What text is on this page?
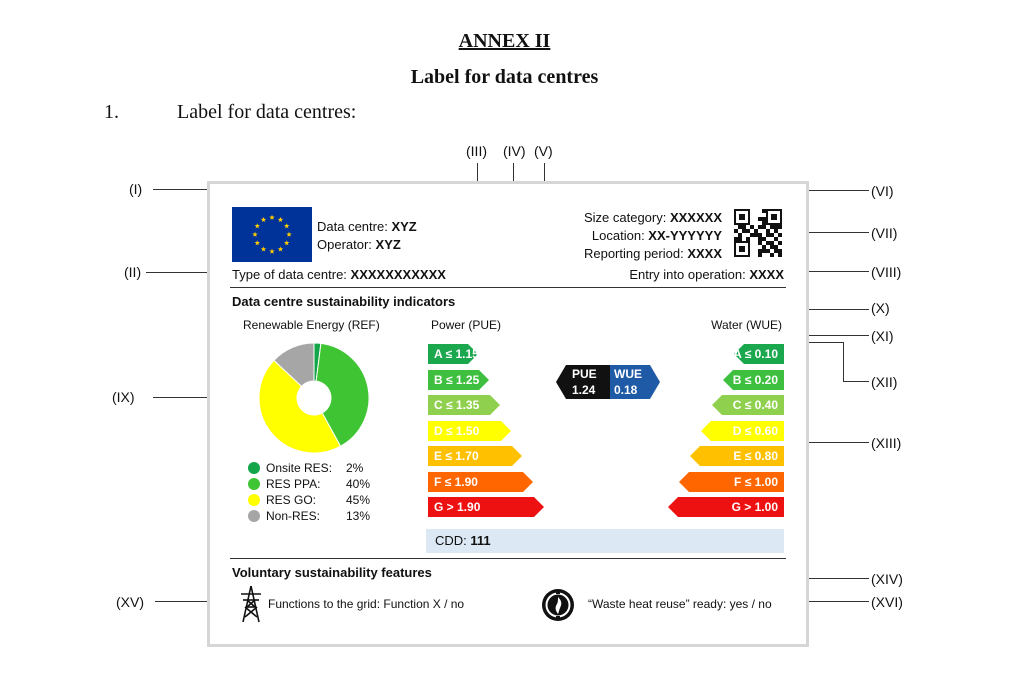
ANNEX II
Label for data centres
1.	Label for data centres:
(I)
(II)
(III) (IV) (V)
(VI)
(VII)
(VIII)
(IX)
(X)
(XI)
(XII)
(XIII)
(XIV)
(XV)	(XVI)
Data centre: XYZ
Operator: XYZ
Size category: XXXXXX
Location: XX-YYYYYY
Reporting period: XXXX
Type of data centre: XXXXXXXXXXX	Entry into operation: XXXX
Data centre sustainability indicators
Renewable Energy (REF)	Power (PUE)	Water (WUE)
Onsite RES: 2%
RES PPA: 40%
RES GO: 45%
Non-RES: 13%
A ≤ 1.15
B ≤ 1.25
C ≤ 1.35
D ≤ 1.50
E ≤ 1.70
F ≤ 1.90
G > 1.90
A ≤ 0.10
B ≤ 0.20
C ≤ 0.40
D ≤ 0.60
E ≤ 0.80
F ≤ 1.00
G > 1.00
PUE
1.24
WUE
0.18
CDD: 111
Voluntary sustainability features
Functions to the grid: Function X / no	“Waste heat reuse” ready: yes / no
